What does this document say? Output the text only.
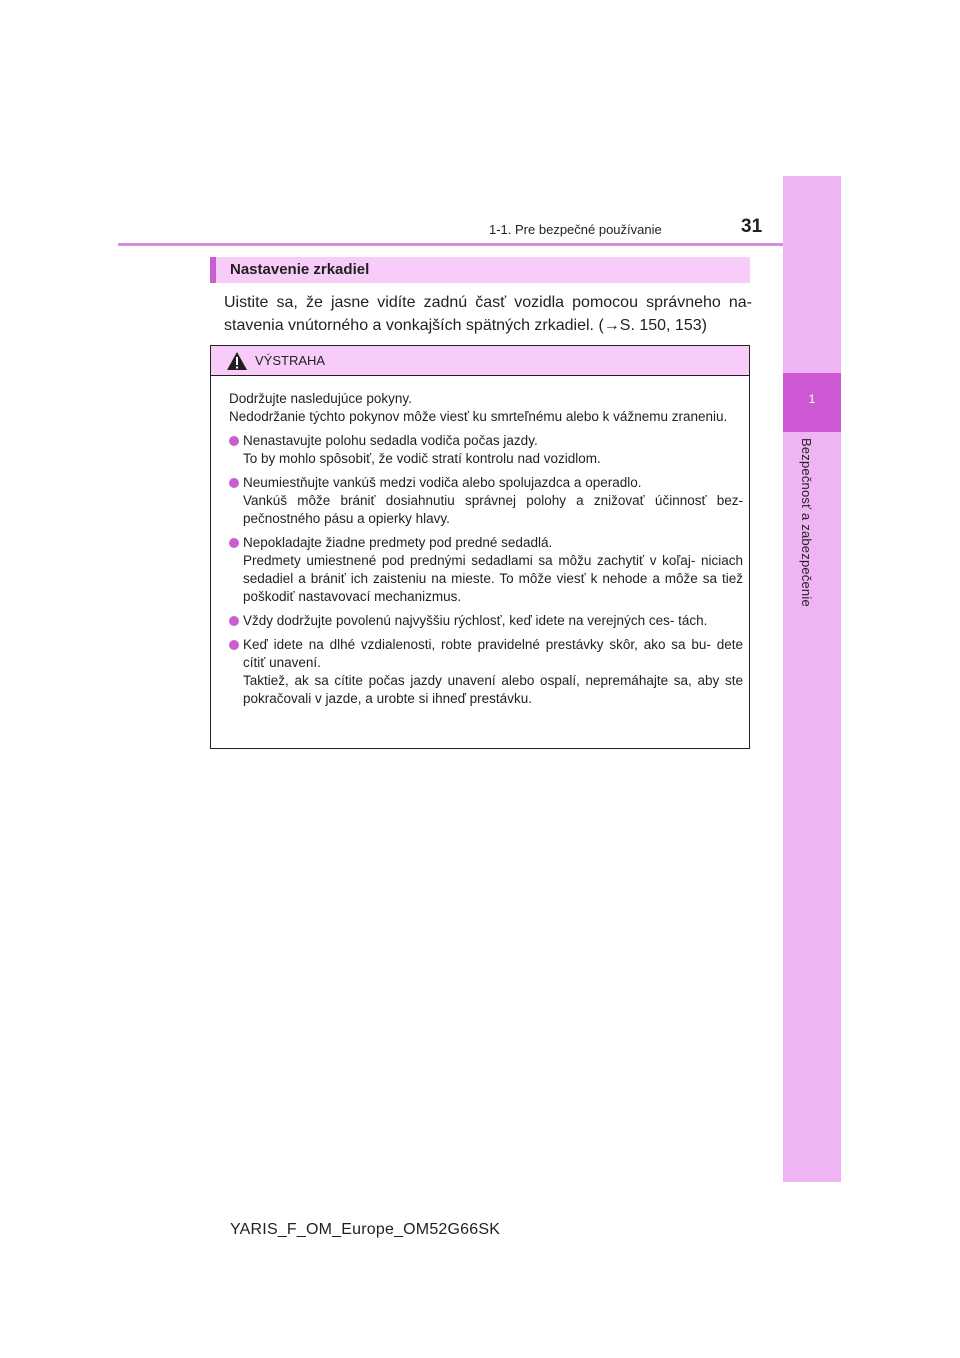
1
Bezpečnosť a zabezpečenie
1-1. Pre bezpečné používanie	31
Nastavenie zrkadiel
Uistite sa, že jasne vidíte zadnú časť vozidla pomocou správneho na-
stavenia vnútorného a vonkajších spätných zrkadiel. (→S. 150, 153)
VÝSTRAHA

Dodržujte nasledujúce pokyny.

Nedodržanie týchto pokynov môže viesť ku smrteľnému alebo k vážnemu zraneniu.

Nenastavujte polohu sedadla vodiča počas jazdy.
To by mohlo spôsobiť, že vodič stratí kontrolu nad vozidlom.
Neumiestňujte vankúš medzi vodiča alebo spolujazdca a operadlo.
Vankúš môže brániť dosiahnutiu správnej polohy a znižovať účinnosť bez- pečnostného pásu a opierky hlavy.
Nepokladajte žiadne predmety pod predné sedadlá.
Predmety umiestnené pod prednými sedadlami sa môžu zachytiť v koľaj- niciach sedadiel a brániť ich zaisteniu na mieste. To môže viesť k nehode a môže sa tiež poškodiť nastavovací mechanizmus.
Vždy dodržujte povolenú najvyššiu rýchlosť, keď idete na verejných ces- tách.
Keď idete na dlhé vzdialenosti, robte pravidelné prestávky skôr, ako sa bu- dete cítiť unavení.
Taktiež, ak sa cítite počas jazdy unavení alebo ospalí, nepremáhajte sa, aby ste pokračovali v jazde, a urobte si ihneď prestávku.
YARIS_F_OM_Europe_OM52G66SK
